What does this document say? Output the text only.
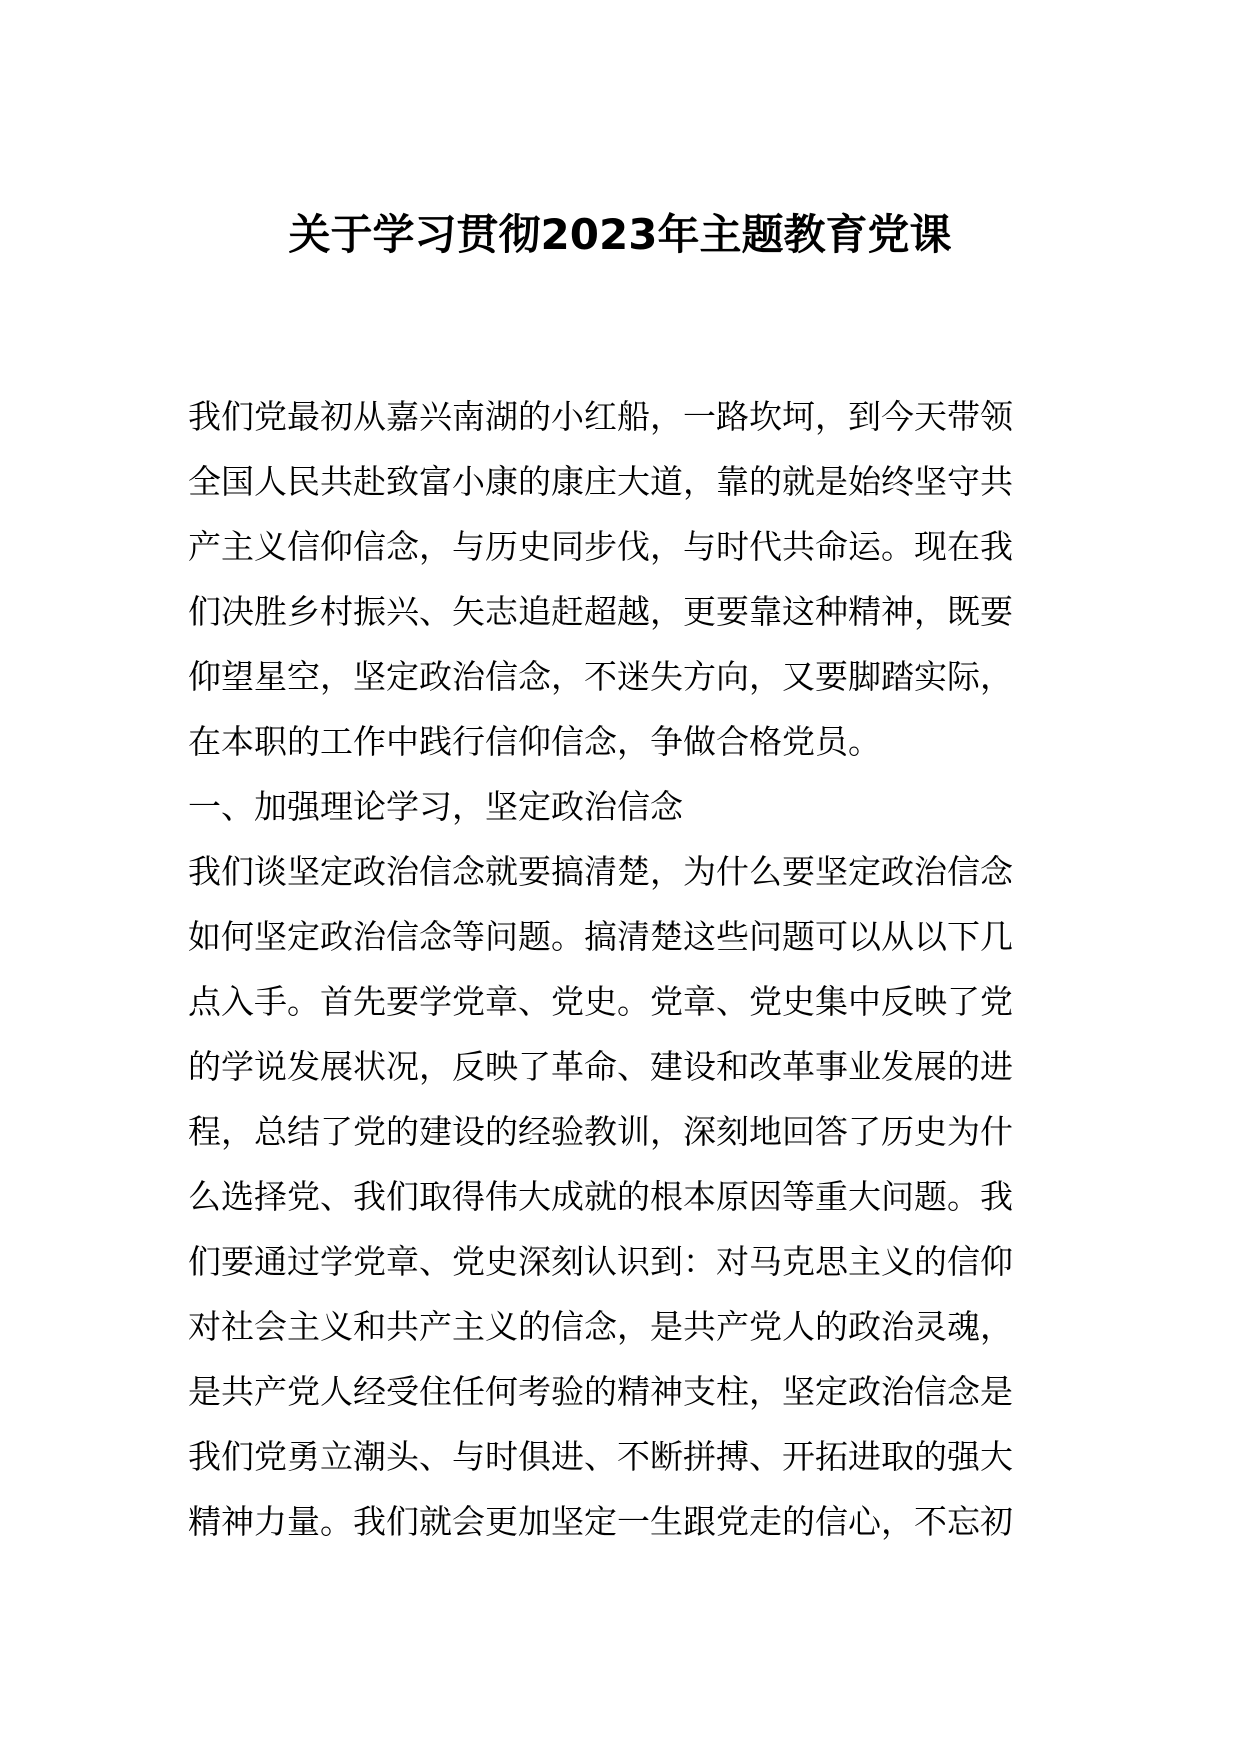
关于学习贯彻2023年主题教育党课
我们党最初从嘉兴南湖的小红船，一路坎坷，到今天带领
全国人民共赴致富小康的康庄大道，靠的就是始终坚守共
产主义信仰信念，与历史同步伐，与时代共命运。现在我
们决胜乡村振兴、矢志追赶超越，更要靠这种精神，既要
仰望星空，坚定政治信念，不迷失方向，又要脚踏实际，
在本职的工作中践行信仰信念，争做合格党员。
一、加强理论学习，坚定政治信念
我们谈坚定政治信念就要搞清楚，为什么要坚定政治信念
如何坚定政治信念等问题。搞清楚这些问题可以从以下几
点入手。首先要学党章、党史。党章、党史集中反映了党
的学说发展状况，反映了革命、建设和改革事业发展的进
程，总结了党的建设的经验教训，深刻地回答了历史为什
么选择党、我们取得伟大成就的根本原因等重大问题。我
们要通过学党章、党史深刻认识到：对马克思主义的信仰
对社会主义和共产主义的信念，是共产党人的政治灵魂，
是共产党人经受住任何考验的精神支柱，坚定政治信念是
我们党勇立潮头、与时俱进、不断拼搏、开拓进取的强大
精神力量。我们就会更加坚定一生跟党走的信心，不忘初
